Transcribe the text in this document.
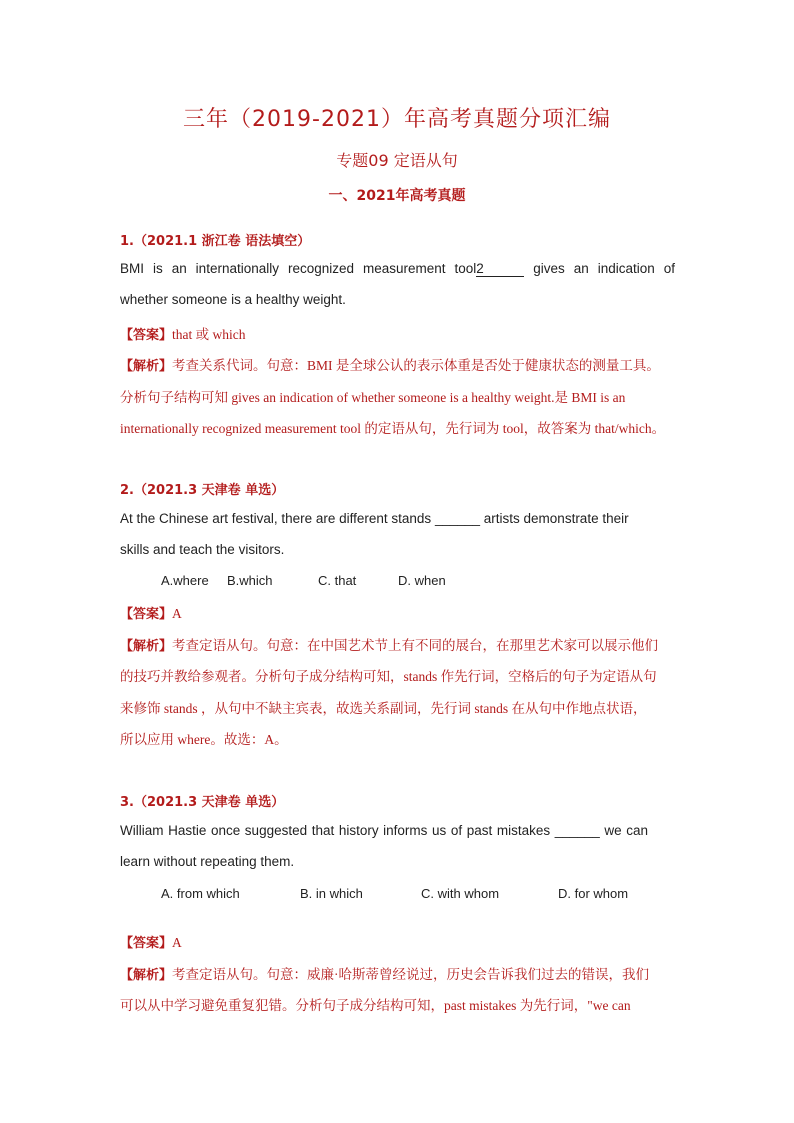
三年（2019-2021）年高考真题分项汇编
专题09 定语从句
一、2021年高考真题
1.（2021.1 浙江卷 语法填空）
BMI is an internationally recognized measurement tool2	gives an indication of
whether someone is a healthy weight.
【答案】that 或 which
【解析】考查关系代词。句意：BMI 是全球公认的表示体重是否处于健康状态的测量工具。
分析句子结构可知 gives an indication of whether someone is a healthy weight.是 BMI is an
internationally recognized measurement tool 的定语从句，先行词为 tool，故答案为 that/which。
2.（2021.3 天津卷 单选）
At the Chinese art festival, there are different stands ______ artists demonstrate their
skills and teach the visitors.
A.where B.which	C. that	D. when
【答案】A
【解析】考查定语从句。句意：在中国艺术节上有不同的展台，在那里艺术家可以展示他们
的技巧并教给参观者。分析句子成分结构可知，stands 作先行词，空格后的句子为定语从句
来修饰 stands ，从句中不缺主宾表，故选关系副词，先行词 stands 在从句中作地点状语，
所以应用 where。故选：A。
3.（2021.3 天津卷 单选）
William Hastie once suggested that history informs us of past mistakes ______ we can
learn without repeating them.
A. from which	B. in which	C. with whom	D. for whom
【答案】A
【解析】考查定语从句。句意：威廉·哈斯蒂曾经说过，历史会告诉我们过去的错误，我们
可以从中学习避免重复犯错。分析句子成分结构可知，past mistakes 为先行词，"we can
